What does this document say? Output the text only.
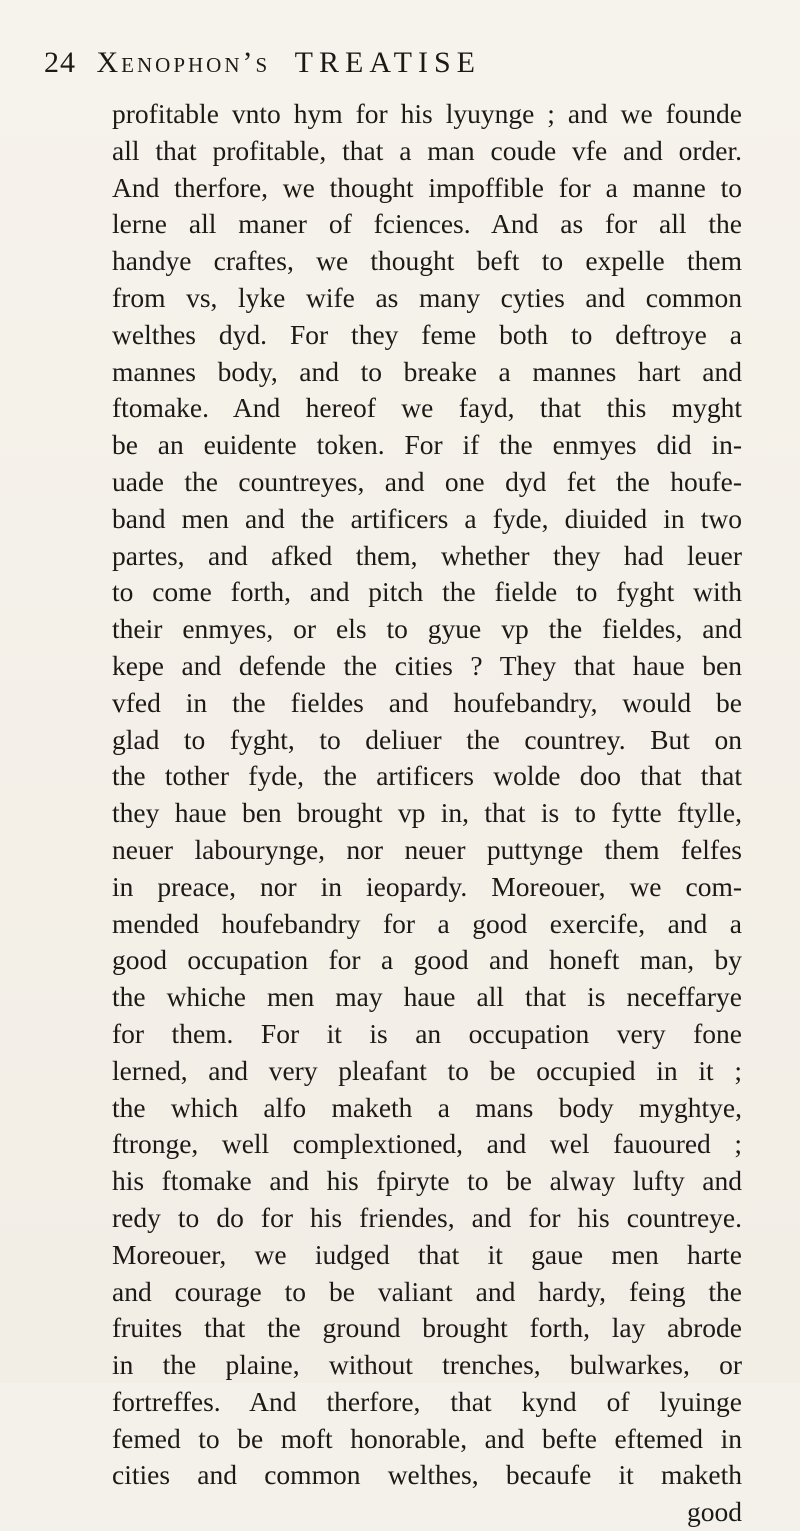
24 Xenophon’s TREATISE
profitable vnto hym for his lyuynge ; and we founde
all that profitable, that a man coude vfe and order.
And therfore, we thought impoffible for a manne to
lerne all maner of fciences. And as for all the
handye craftes, we thought beft to expelle them
from vs, lyke wife as many cyties and common
welthes dyd. For they feme both to deftroye a
mannes body, and to breake a mannes hart and
ftomake. And hereof we fayd, that this myght
be an euidente token. For if the enmyes did in-
uade the countreyes, and one dyd fet the houfe-
band men and the artificers a fyde, diuided in two
partes, and afked them, whether they had leuer
to come forth, and pitch the fielde to fyght with
their enmyes, or els to gyue vp the fieldes, and
kepe and defende the cities ? They that haue ben
vfed in the fieldes and houfebandry, would be
glad to fyght, to deliuer the countrey. But on
the tother fyde, the artificers wolde doo that that
they haue ben brought vp in, that is to fytte ftylle,
neuer labourynge, nor neuer puttynge them felfes
in preace, nor in ieopardy. Moreouer, we com-
mended houfebandry for a good exercife, and a
good occupation for a good and honeft man, by
the whiche men may haue all that is neceffarye
for them. For it is an occupation very fone
lerned, and very pleafant to be occupied in it ;
the which alfo maketh a mans body myghtye,
ftronge, well complextioned, and wel fauoured ;
his ftomake and his fpiryte to be alway lufty and
redy to do for his friendes, and for his countreye.
Moreouer, we iudged that it gaue men harte
and courage to be valiant and hardy, feing the
fruites that the ground brought forth, lay abrode
in the plaine, without trenches, bulwarkes, or
fortreffes. And therfore, that kynd of lyuinge
femed to be moft honorable, and befte eftemed in
cities and common welthes, becaufe it maketh
good
